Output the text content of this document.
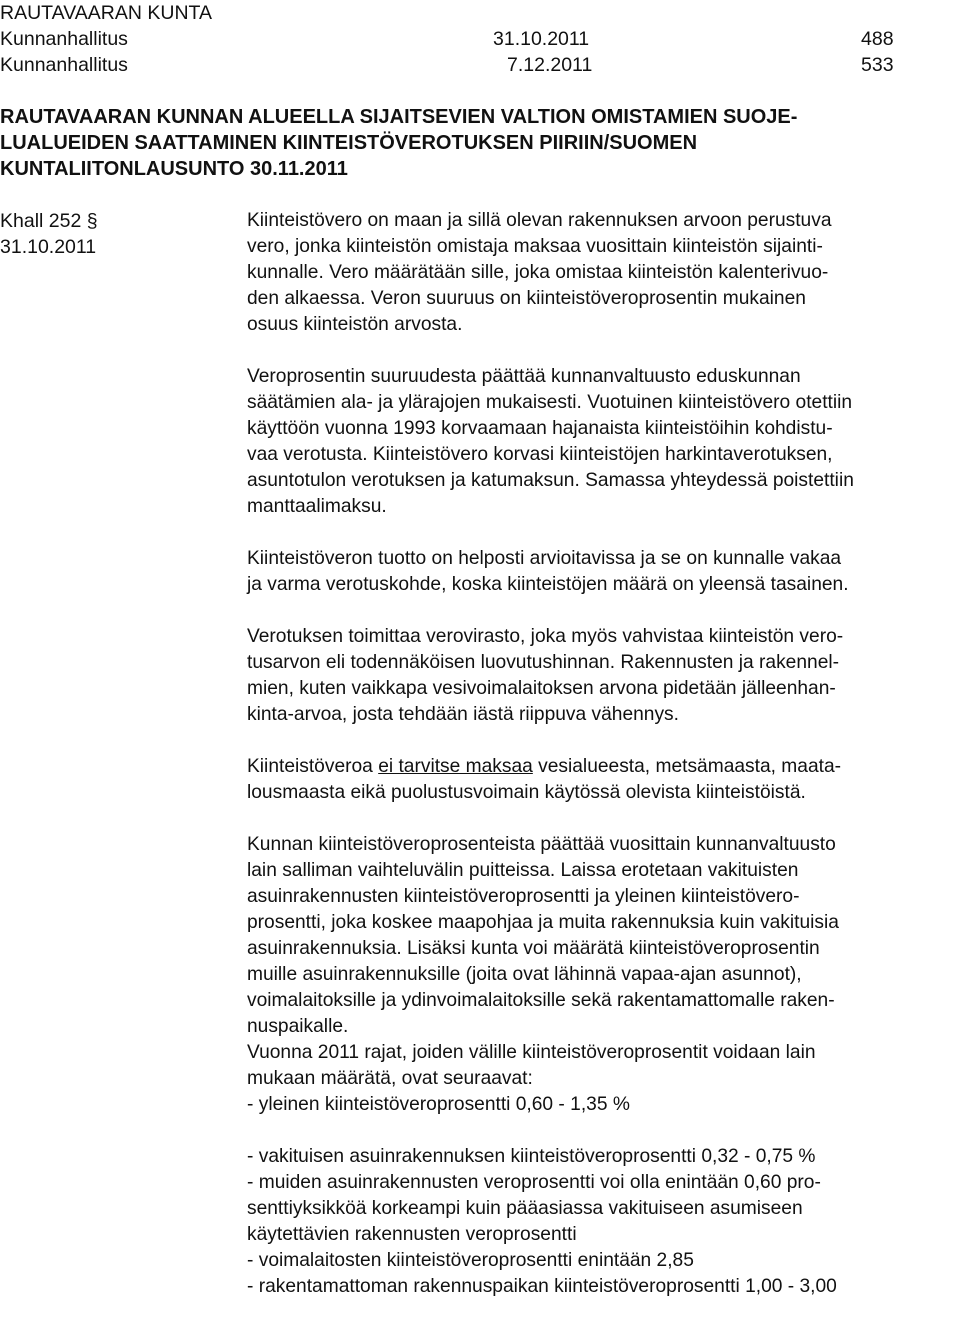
RAUTAVAARAN KUNTA
Kunnanhallitus	31.10.2011	488
Kunnanhallitus	7.12.2011	533
RAUTAVAARAN KUNNAN ALUEELLA SIJAITSEVIEN VALTION OMISTAMIEN SUOJE-
LUALUEIDEN SAATTAMINEN KIINTEISTÖVEROTUKSEN PIIRIIN/SUOMEN
KUNTALIITONLAUSUNTO 30.11.2011
Khall 252 §
31.10.2011
Kiinteistövero on maan ja sillä olevan rakennuksen arvoon perustuva
vero, jonka kiinteistön omistaja maksaa vuosittain kiinteistön sijainti-
kunnalle. Vero määrätään sille, joka omistaa kiinteistön kalenterivuo-
den alkaessa. Veron suuruus on kiinteistöveroprosentin mukainen
osuus kiinteistön arvosta.
Veroprosentin suuruudesta päättää kunnanvaltuusto eduskunnan
säätämien ala- ja ylärajojen mukaisesti. Vuotuinen kiinteistövero otettiin
käyttöön vuonna 1993 korvaamaan hajanaista kiinteistöihin kohdistu-
vaa verotusta. Kiinteistövero korvasi kiinteistöjen harkintaverotuksen,
asuntotulon verotuksen ja katumaksun. Samassa yhteydessä poistettiin
manttaalimaksu.
Kiinteistöveron tuotto on helposti arvioitavissa ja se on kunnalle vakaa
ja varma verotuskohde, koska kiinteistöjen määrä on yleensä tasainen.
Verotuksen toimittaa verovirasto, joka myös vahvistaa kiinteistön vero-
tusarvon eli todennäköisen luovutushinnan. Rakennusten ja rakennel-
mien, kuten vaikkapa vesivoimalaitoksen arvona pidetään jälleenhan-
kinta-arvoa, josta tehdään iästä riippuva vähennys.
Kiinteistöveroa ei tarvitse maksaa vesialueesta, metsämaasta, maata-
lousmaasta eikä puolustusvoimain käytössä olevista kiinteistöistä.
Kunnan kiinteistöveroprosenteista päättää vuosittain kunnanvaltuusto
lain salliman vaihteluvälin puitteissa. Laissa erotetaan vakituisten
asuinrakennusten kiinteistöveroprosentti ja yleinen kiinteistövero-
prosentti, joka koskee maapohjaa ja muita rakennuksia kuin vakituisia
asuinrakennuksia. Lisäksi kunta voi määrätä kiinteistöveroprosentin
muille asuinrakennuksille (joita ovat lähinnä vapaa-ajan asunnot),
voimalaitoksille ja ydinvoimalaitoksille sekä rakentamattomalle raken-
nuspaikalle.
Vuonna 2011 rajat, joiden välille kiinteistöveroprosentit voidaan lain
mukaan määrätä, ovat seuraavat:
- yleinen kiinteistöveroprosentti 0,60 - 1,35 %
- vakituisen asuinrakennuksen kiinteistöveroprosentti 0,32 - 0,75 %
- muiden asuinrakennusten veroprosentti voi olla enintään 0,60 pro-
senttiyksikköä korkeampi kuin pääasiassa vakituiseen asumiseen
käytettävien rakennusten veroprosentti
- voimalaitosten kiinteistöveroprosentti enintään 2,85
- rakentamattoman rakennuspaikan kiinteistöveroprosentti 1,00 - 3,00
